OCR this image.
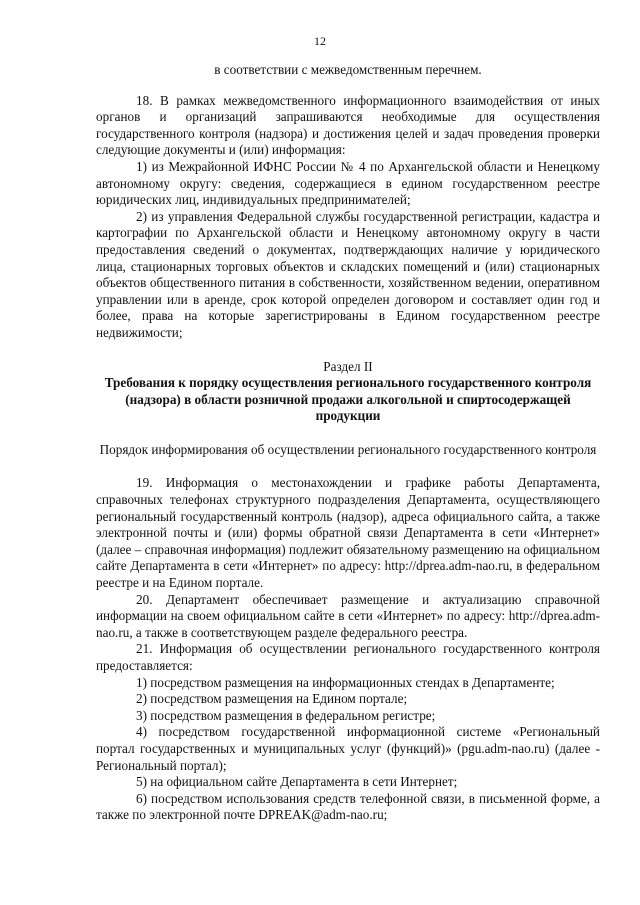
12

в соответствии с межведомственным перечнем.

18. В рамках межведомственного информационного взаимодействия от иных органов и организаций запрашиваются необходимые для осуществления государственного контроля (надзора) и достижения целей и задач проведения проверки следующие документы и (или) информация:

1) из Межрайонной ИФНС России № 4 по Архангельской области и Ненецкому автономному округу: сведения, содержащиеся в едином государственном реестре юридических лиц, индивидуальных предпринимателей;

2) из управления Федеральной службы государственной регистрации, кадастра и картографии по Архангельской области и Ненецкому автономному округу в части предоставления сведений о документах, подтверждающих наличие у юридического лица, стационарных торговых объектов и складских помещений и (или) стационарных объектов общественного питания в собственности, хозяйственном ведении, оперативном управлении или в аренде, срок которой определен договором и составляет один год и более, права на которые зарегистрированы в Едином государственном реестре недвижимости;

Раздел II

Требования к порядку осуществления регионального государственного контроля (надзора) в области розничной продажи алкогольной и спиртосодержащей продукции

Порядок информирования об осуществлении регионального государственного контроля

19. Информация о местонахождении и графике работы Департамента, справочных телефонах структурного подразделения Департамента, осуществляющего региональный государственный контроль (надзор), адреса официального сайта, а также электронной почты и (или) формы обратной связи Департамента в сети «Интернет» (далее – справочная информация) подлежит обязательному размещению на официальном сайте Департамента в сети «Интернет» по адресу: http://dprea.adm-nao.ru, в федеральном реестре и на Едином портале.

20. Департамент обеспечивает размещение и актуализацию справочной информации на своем официальном сайте в сети «Интернет» по адресу: http://dprea.adm-nao.ru, а также в соответствующем разделе федерального реестра.

21. Информация об осуществлении регионального государственного контроля предоставляется:

1) посредством размещения на информационных стендах в Департаменте;

2) посредством размещения на Едином портале;

3) посредством размещения в федеральном регистре;

4) посредством государственной информационной системе «Региональный портал государственных и муниципальных услуг (функций)» (pgu.adm-nao.ru) (далее - Региональный портал);

5) на официальном сайте Департамента в сети Интернет;

6) посредством использования средств телефонной связи, в письменной форме, а также по электронной почте DPREAK@adm-nao.ru;
